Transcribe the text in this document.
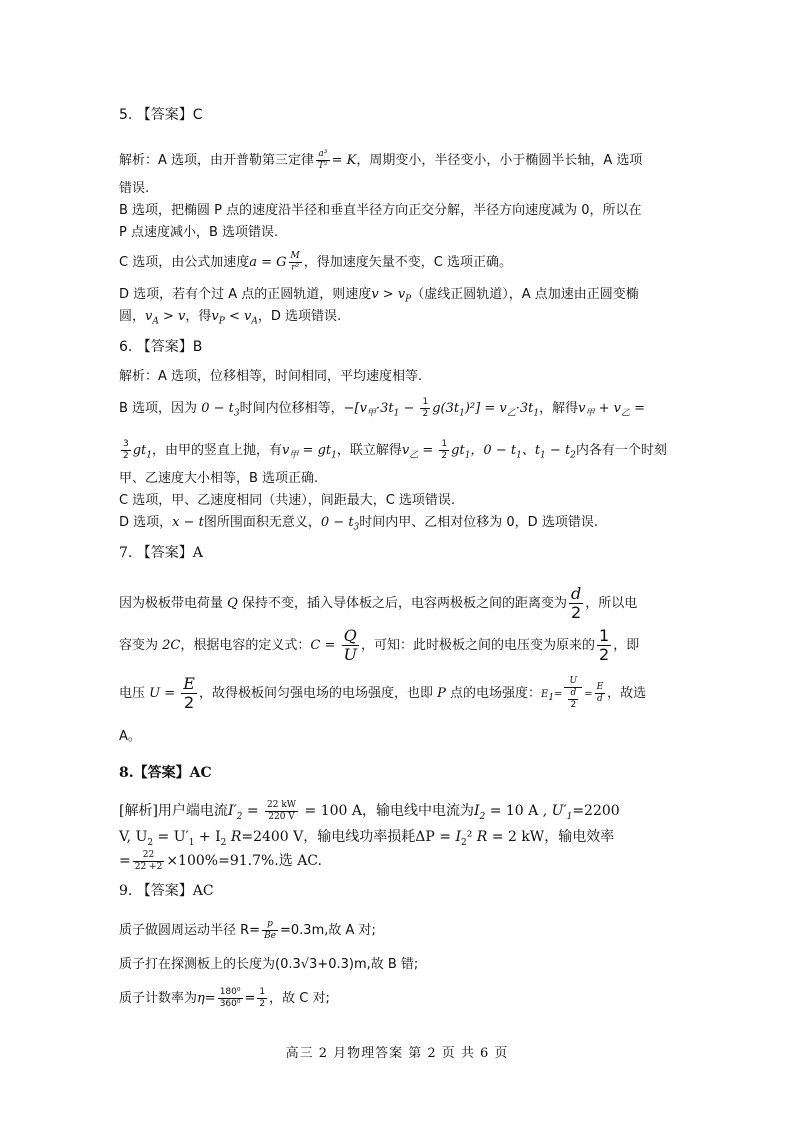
5. 【答案】C
解析：A 选项，由开普勒第三定律 $\frac{\text{a³}}{\text{T²}} = K$，周期变小，半径变小，小于椭圆半长轴，A 选项
错误.
B 选项，把椭圆 P 点的速度沿半径和垂直半径方向正交分解，半径方向速度减为 0，所以在
P 点速度减小，B 选项错误.
C 选项，由公式加速度a = G $\frac{M}{\text{r²}}$ ，得加速度矢量不变，C 选项正确。
D 选项，若有个过 A 点的正圆轨道，则速度$v > v_P$（虚线正圆轨道），A 点加速由正圆变椭
圆，$v_A > v$，得$v_P < v_A$，D 选项错误.
6. 【答案】B
解析：A 选项，位移相等，时间相同，平均速度相等.
B 选项，因为 $0 - t_3$时间内位移相等，$-[v_甲\cdot 3t_1 - \frac{1}{2} g(3t_1)^2] = v_乙\cdot 3t_1$，解得$v_甲 + v_乙$ =
$\frac{3}{2} gt_1$，由甲的竖直上抛，有$v_甲 = gt_1$，联立解得$v_乙 = \frac{1}{2} gt_1$，$0 - t_1$、$t_1 - t_2$内各有一个时刻
甲、乙速度大小相等，B 选项正确.
C 选项，甲、乙速度相同（共速），间距最大，C 选项错误.
D 选项，x − t图所围面积无意义，$0 - t_3$时间内甲、乙相对位移为 0，D 选项错误.
7. 【答案】A
因为极板带电荷量 Q 保持不变，插入导体板之后，电容两极板之间的距离变为 $\frac{d}{2}$ ，所以电
容变为 2C，根据电容的定义式：$C = \frac{Q}{U}$ ，可知：此时极板之间的电压变为原来的 $\frac{1}{2}$ ，即
电压 $U = \frac{E}{2}$ ，故得极板间匀强电场的电场强度，也即 P 点的电场强度：$E_1= \frac{U}{\frac{d}{2}} = \frac{E}{d}$ ，故选
A。
8.【答案】AC
[解析]用户端电流$I'_2 = \frac{22 kW}{220 V} = 100$ A，输电线中电流为$I_2 = 10$ A , $U'_1=2200$
V, $U_2 = U'_1 + I_2$ R=2400 V，输电线功率损耗$\Delta P = I_2^2$ R = 2 kW，输电效率
= $\frac{22}{22 +2} \times 100\%=91.7\%$.选 AC.
9. 【答案】AC
质子做圆周运动半径 $R= \frac{p}{Be} =0.3m$,故 A 对;
质子打在探测板上的长度为(0.3√3+0.3)m,故 B 错;
质子计数率为$\eta= \frac{\text{180⁰}}{\text{360⁰}} = \frac{1}{2}$ ，故 C 对;
高三 2 月物理答案 第 2 页 共 6 页
